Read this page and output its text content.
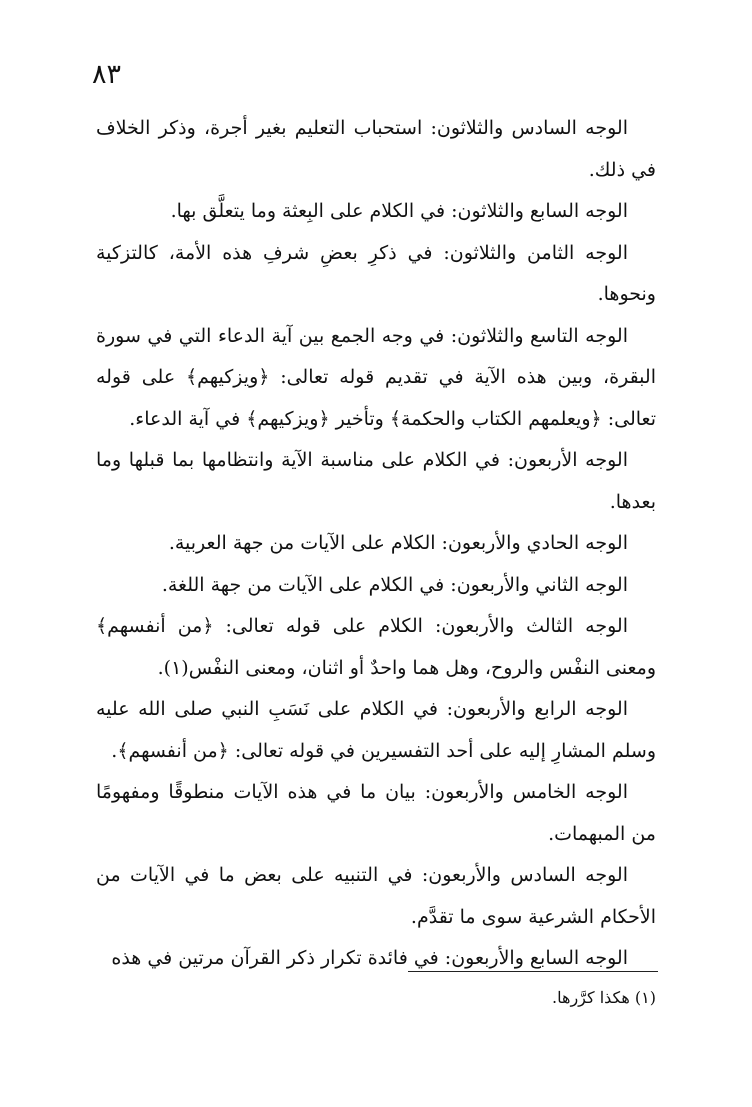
٨٣

الوجه السادس والثلاثون: استحباب التعليم بغير أجرة، وذكر الخلاف في ذلك.

الوجه السابع والثلاثون: في الكلام على البِعثة وما يتعلَّق بها.

الوجه الثامن والثلاثون: في ذكرِ بعضِ شرفِ هذه الأمة، كالتزكية ونحوها.

الوجه التاسع والثلاثون: في وجه الجمع بين آية الدعاء التي في سورة البقرة، وبين هذه الآية في تقديم قوله تعالى: ﴿ويزكيهم﴾ على قوله تعالى: ﴿ويعلمهم الكتاب والحكمة﴾ وتأخير ﴿ويزكيهم﴾ في آية الدعاء.

الوجه الأربعون: في الكلام على مناسبة الآية وانتظامها بما قبلها وما بعدها.

الوجه الحادي والأربعون: الكلام على الآيات من جهة العربية.

الوجه الثاني والأربعون: في الكلام على الآيات من جهة اللغة.

الوجه الثالث والأربعون: الكلام على قوله تعالى: ﴿من أنفسهم﴾ ومعنى النفْس والروح، وهل هما واحدٌ أو اثنان، ومعنى النفْس(١).

الوجه الرابع والأربعون: في الكلام على نَسَبِ النبي صلى الله عليه وسلم المشارِ إليه على أحد التفسيرين في قوله تعالى: ﴿من أنفسهم﴾.

الوجه الخامس والأربعون: بيان ما في هذه الآيات منطوقًا ومفهومًا من المبهمات.

الوجه السادس والأربعون: في التنبيه على بعض ما في الآيات من الأحكام الشرعية سوى ما تقدَّم.

الوجه السابع والأربعون: في فائدة تكرار ذكر القرآن مرتين في هذه

(١) هكذا كرَّرها.
